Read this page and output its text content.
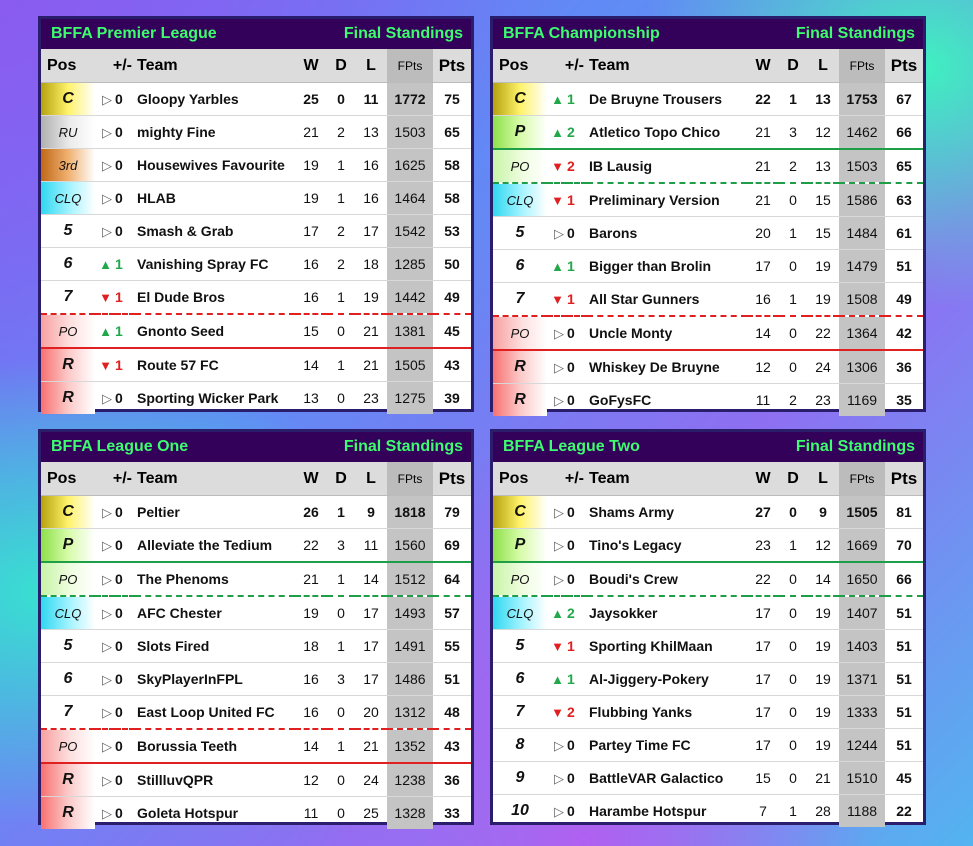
BFFA Premier League	Final Standings
Pos	+/-		Team	W	D	L	FPts	Pts
C	▷	0	Gloopy Yarbles	25	0	11	1772	75
RU	▷	0	mighty Fine	21	2	13	1503	65
3rd	▷	0	Housewives Favourite	19	1	16	1625	58
CLQ	▷	0	HLAB	19	1	16	1464	58
5	▷	0	Smash & Grab	17	2	17	1542	53
6	▲	1	Vanishing Spray FC	16	2	18	1285	50
7	▼	1	El Dude Bros	16	1	19	1442	49
PO	▲	1	Gnonto Seed	15	0	21	1381	45
R	▼	1	Route 57 FC	14	1	21	1505	43
R	▷	0	Sporting Wicker Park	13	0	23	1275	39
BFFA Championship	Final Standings
Pos	+/-		Team	W	D	L	FPts	Pts
C	▲	1	De Bruyne Trousers	22	1	13	1753	67
P	▲	2	Atletico Topo Chico	21	3	12	1462	66
PO	▼	2	IB Lausig	21	2	13	1503	65
CLQ	▼	1	Preliminary Version	21	0	15	1586	63
5	▷	0	Barons	20	1	15	1484	61
6	▲	1	Bigger than Brolin	17	0	19	1479	51
7	▼	1	All Star Gunners	16	1	19	1508	49
PO	▷	0	Uncle Monty	14	0	22	1364	42
R	▷	0	Whiskey De Bruyne	12	0	24	1306	36
R	▷	0	GoFysFC	11	2	23	1169	35
BFFA League One	Final Standings
Pos	+/-		Team	W	D	L	FPts	Pts
C	▷	0	Peltier	26	1	9	1818	79
P	▷	0	Alleviate the Tedium	22	3	11	1560	69
PO	▷	0	The Phenoms	21	1	14	1512	64
CLQ	▷	0	AFC Chester	19	0	17	1493	57
5	▷	0	Slots Fired	18	1	17	1491	55
6	▷	0	SkyPlayerInFPL	16	3	17	1486	51
7	▷	0	East Loop United FC	16	0	20	1312	48
PO	▷	0	Borussia Teeth	14	1	21	1352	43
R	▷	0	StillluvQPR	12	0	24	1238	36
R	▷	0	Goleta Hotspur	11	0	25	1328	33
BFFA League Two	Final Standings
Pos	+/-		Team	W	D	L	FPts	Pts
C	▷	0	Shams Army	27	0	9	1505	81
P	▷	0	Tino's Legacy	23	1	12	1669	70
PO	▷	0	Boudi's Crew	22	0	14	1650	66
CLQ	▲	2	Jaysokker	17	0	19	1407	51
5	▼	1	Sporting KhilMaan	17	0	19	1403	51
6	▲	1	Al-Jiggery-Pokery	17	0	19	1371	51
7	▼	2	Flubbing Yanks	17	0	19	1333	51
8	▷	0	Partey Time FC	17	0	19	1244	51
9	▷	0	BattleVAR Galactico	15	0	21	1510	45
10	▷	0	Harambe Hotspur	7	1	28	1188	22
